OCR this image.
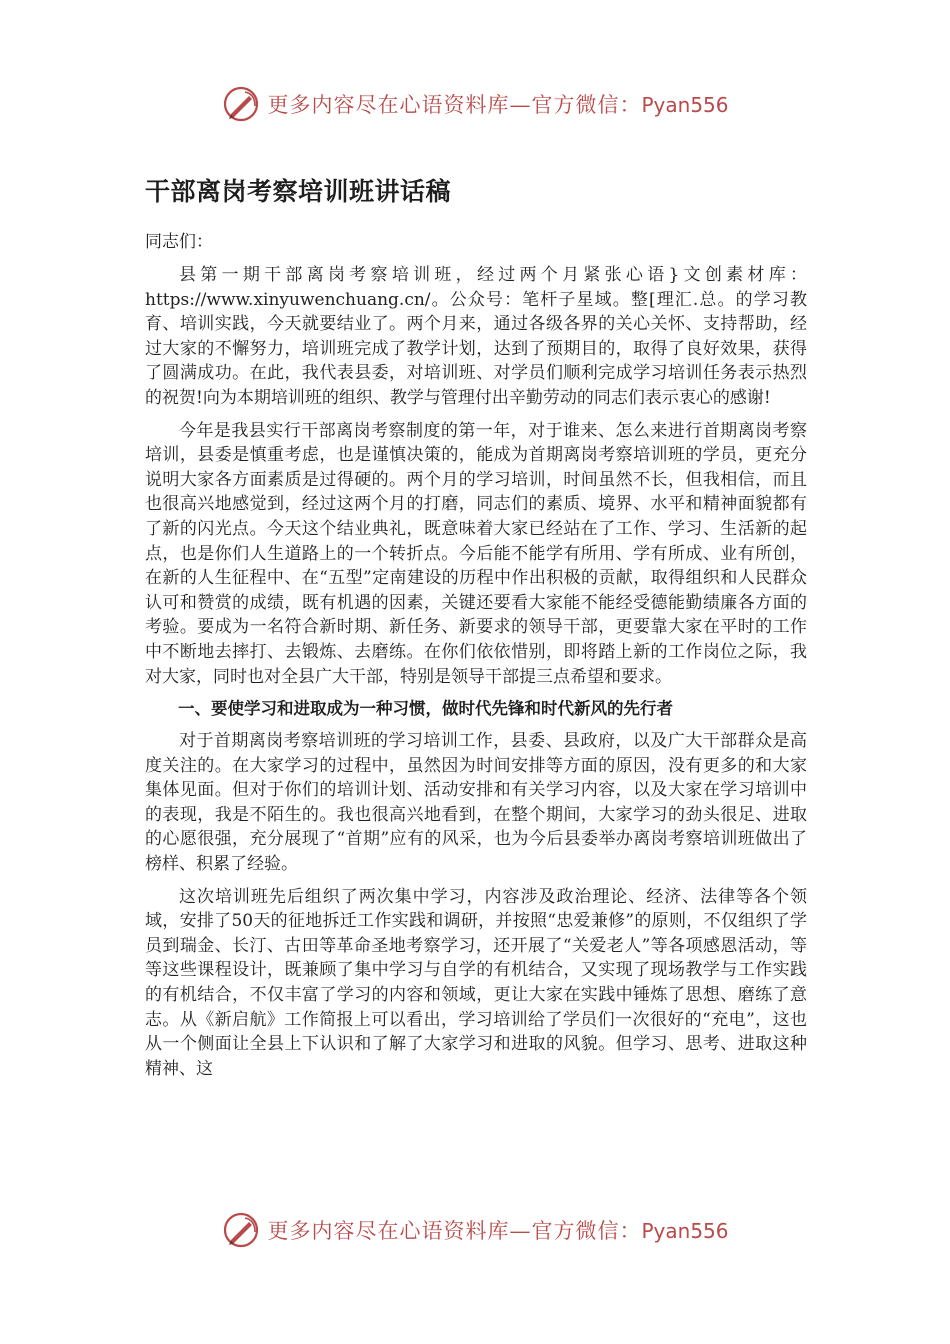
更多内容尽在心语资料库—官方微信：Pyan556
干部离岗考察培训班讲话稿
同志们：

县第一期干部离岗考察培训班，经过两个月紧张心语}文创素材库：https://www.xinyuwenchuang.cn/。公众号：笔杆子星域。整[理汇.总。的学习教育、培训实践，今天就要结业了。两个月来，通过各级各界的关心关怀、支持帮助，经过大家的不懈努力，培训班完成了教学计划，达到了预期目的，取得了良好效果，获得了圆满成功。在此，我代表县委，对培训班、对学员们顺利完成学习培训任务表示热烈的祝贺!向为本期培训班的组织、教学与管理付出辛勤劳动的同志们表示衷心的感谢!

今年是我县实行干部离岗考察制度的第一年，对于谁来、怎么来进行首期离岗考察培训，县委是慎重考虑，也是谨慎决策的，能成为首期离岗考察培训班的学员，更充分说明大家各方面素质是过得硬的。两个月的学习培训，时间虽然不长，但我相信，而且也很高兴地感觉到，经过这两个月的打磨，同志们的素质、境界、水平和精神面貌都有了新的闪光点。今天这个结业典礼，既意味着大家已经站在了工作、学习、生活新的起点，也是你们人生道路上的一个转折点。今后能不能学有所用、学有所成、业有所创，在新的人生征程中、在“五型”定南建设的历程中作出积极的贡献，取得组织和人民群众认可和赞赏的成绩，既有机遇的因素，关键还要看大家能不能经受德能勤绩廉各方面的考验。要成为一名符合新时期、新任务、新要求的领导干部，更要靠大家在平时的工作中不断地去摔打、去锻炼、去磨练。在你们依依惜别，即将踏上新的工作岗位之际，我对大家，同时也对全县广大干部，特别是领导干部提三点希望和要求。

一、要使学习和进取成为一种习惯，做时代先锋和时代新风的先行者

对于首期离岗考察培训班的学习培训工作，县委、县政府，以及广大干部群众是高度关注的。在大家学习的过程中，虽然因为时间安排等方面的原因，没有更多的和大家集体见面。但对于你们的培训计划、活动安排和有关学习内容，以及大家在学习培训中的表现，我是不陌生的。我也很高兴地看到，在整个期间，大家学习的劲头很足、进取的心愿很强，充分展现了“首期”应有的风采，也为今后县委举办离岗考察培训班做出了榜样、积累了经验。

这次培训班先后组织了两次集中学习，内容涉及政治理论、经济、法律等各个领域，安排了50天的征地拆迁工作实践和调研，并按照“忠爱兼修”的原则，不仅组织了学员到瑞金、长汀、古田等革命圣地考察学习，还开展了“关爱老人”等各项感恩活动，等等这些课程设计，既兼顾了集中学习与自学的有机结合，又实现了现场教学与工作实践的有机结合，不仅丰富了学习的内容和领域，更让大家在实践中锤炼了思想、磨练了意志。从《新启航》工作简报上可以看出，学习培训给了学员们一次很好的“充电”，这也从一个侧面让全县上下认识和了解了大家学习和进取的风貌。但学习、思考、进取这种精神、这

更多内容尽在心语资料库—官方微信：Pyan556
